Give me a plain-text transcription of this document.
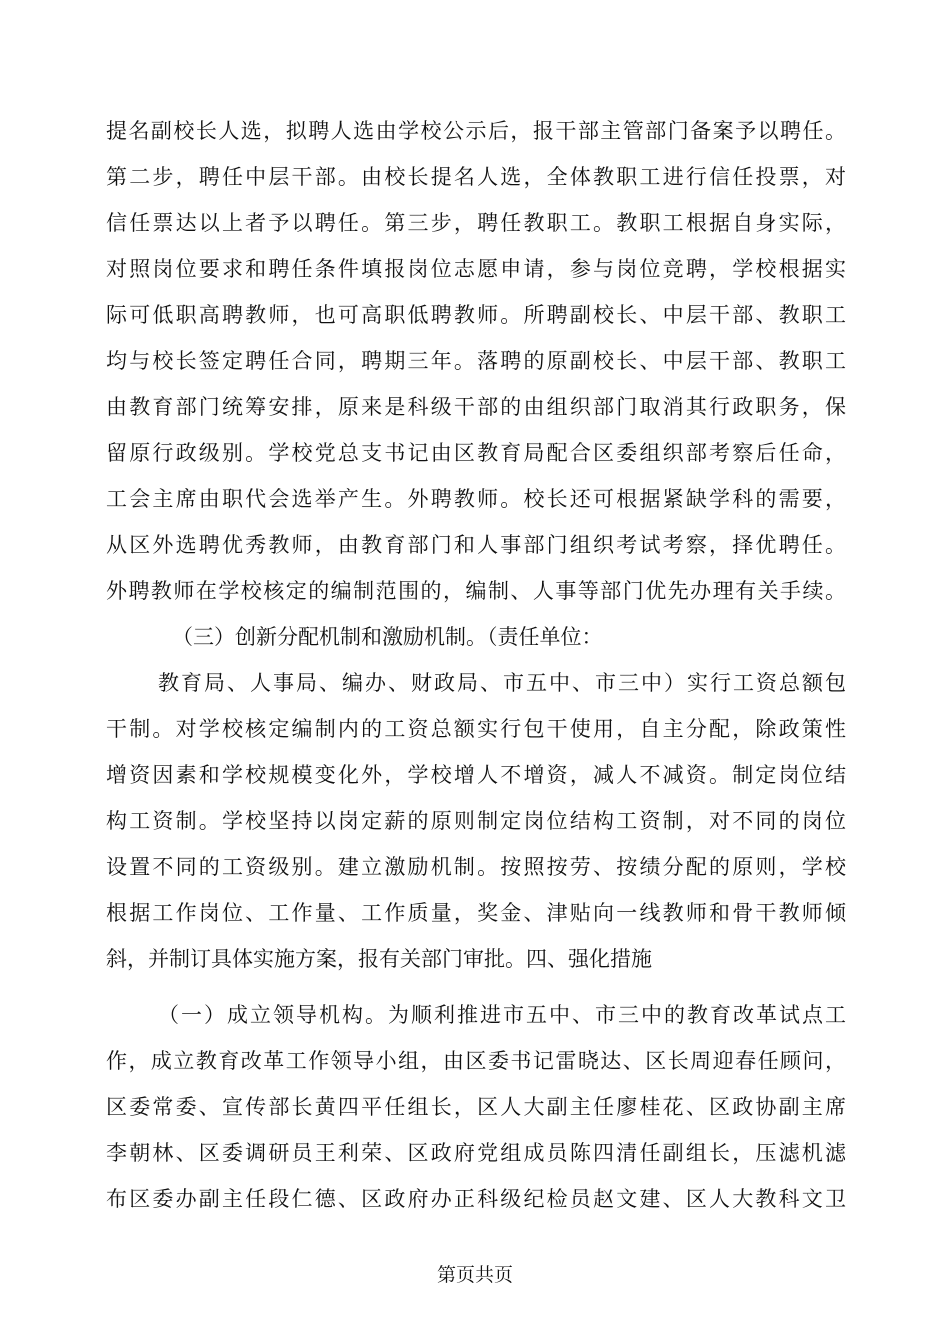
提名副校长人选，拟聘人选由学校公示后，报干部主管部门备案予以聘任。
第二步，聘任中层干部。由校长提名人选，全体教职工进行信任投票，对
信任票达以上者予以聘任。第三步，聘任教职工。教职工根据自身实际，
对照岗位要求和聘任条件填报岗位志愿申请，参与岗位竞聘，学校根据实
际可低职高聘教师，也可高职低聘教师。所聘副校长、中层干部、教职工
均与校长签定聘任合同，聘期三年。落聘的原副校长、中层干部、教职工
由教育部门统筹安排，原来是科级干部的由组织部门取消其行政职务，保
留原行政级别。学校党总支书记由区教育局配合区委组织部考察后任命，
工会主席由职代会选举产生。外聘教师。校长还可根据紧缺学科的需要，
从区外选聘优秀教师，由教育部门和人事部门组织考试考察，择优聘任。
外聘教师在学校核定的编制范围的，编制、人事等部门优先办理有关手续。
（三）创新分配机制和激励机制。（责任单位：
教育局、人事局、编办、财政局、市五中、市三中）实行工资总额包
干制。对学校核定编制内的工资总额实行包干使用，自主分配，除政策性
增资因素和学校规模变化外，学校增人不增资，减人不减资。制定岗位结
构工资制。学校坚持以岗定薪的原则制定岗位结构工资制，对不同的岗位
设置不同的工资级别。建立激励机制。按照按劳、按绩分配的原则，学校
根据工作岗位、工作量、工作质量，奖金、津贴向一线教师和骨干教师倾
斜，并制订具体实施方案，报有关部门审批。四、强化措施
（一）成立领导机构。为顺利推进市五中、市三中的教育改革试点工
作，成立教育改革工作领导小组，由区委书记雷晓达、区长周迎春任顾问，
区委常委、宣传部长黄四平任组长，区人大副主任廖桂花、区政协副主席
李朝林、区委调研员王利荣、区政府党组成员陈四清任副组长，压滤机滤
布区委办副主任段仁德、区政府办正科级纪检员赵文建、区人大教科文卫
第页共页
